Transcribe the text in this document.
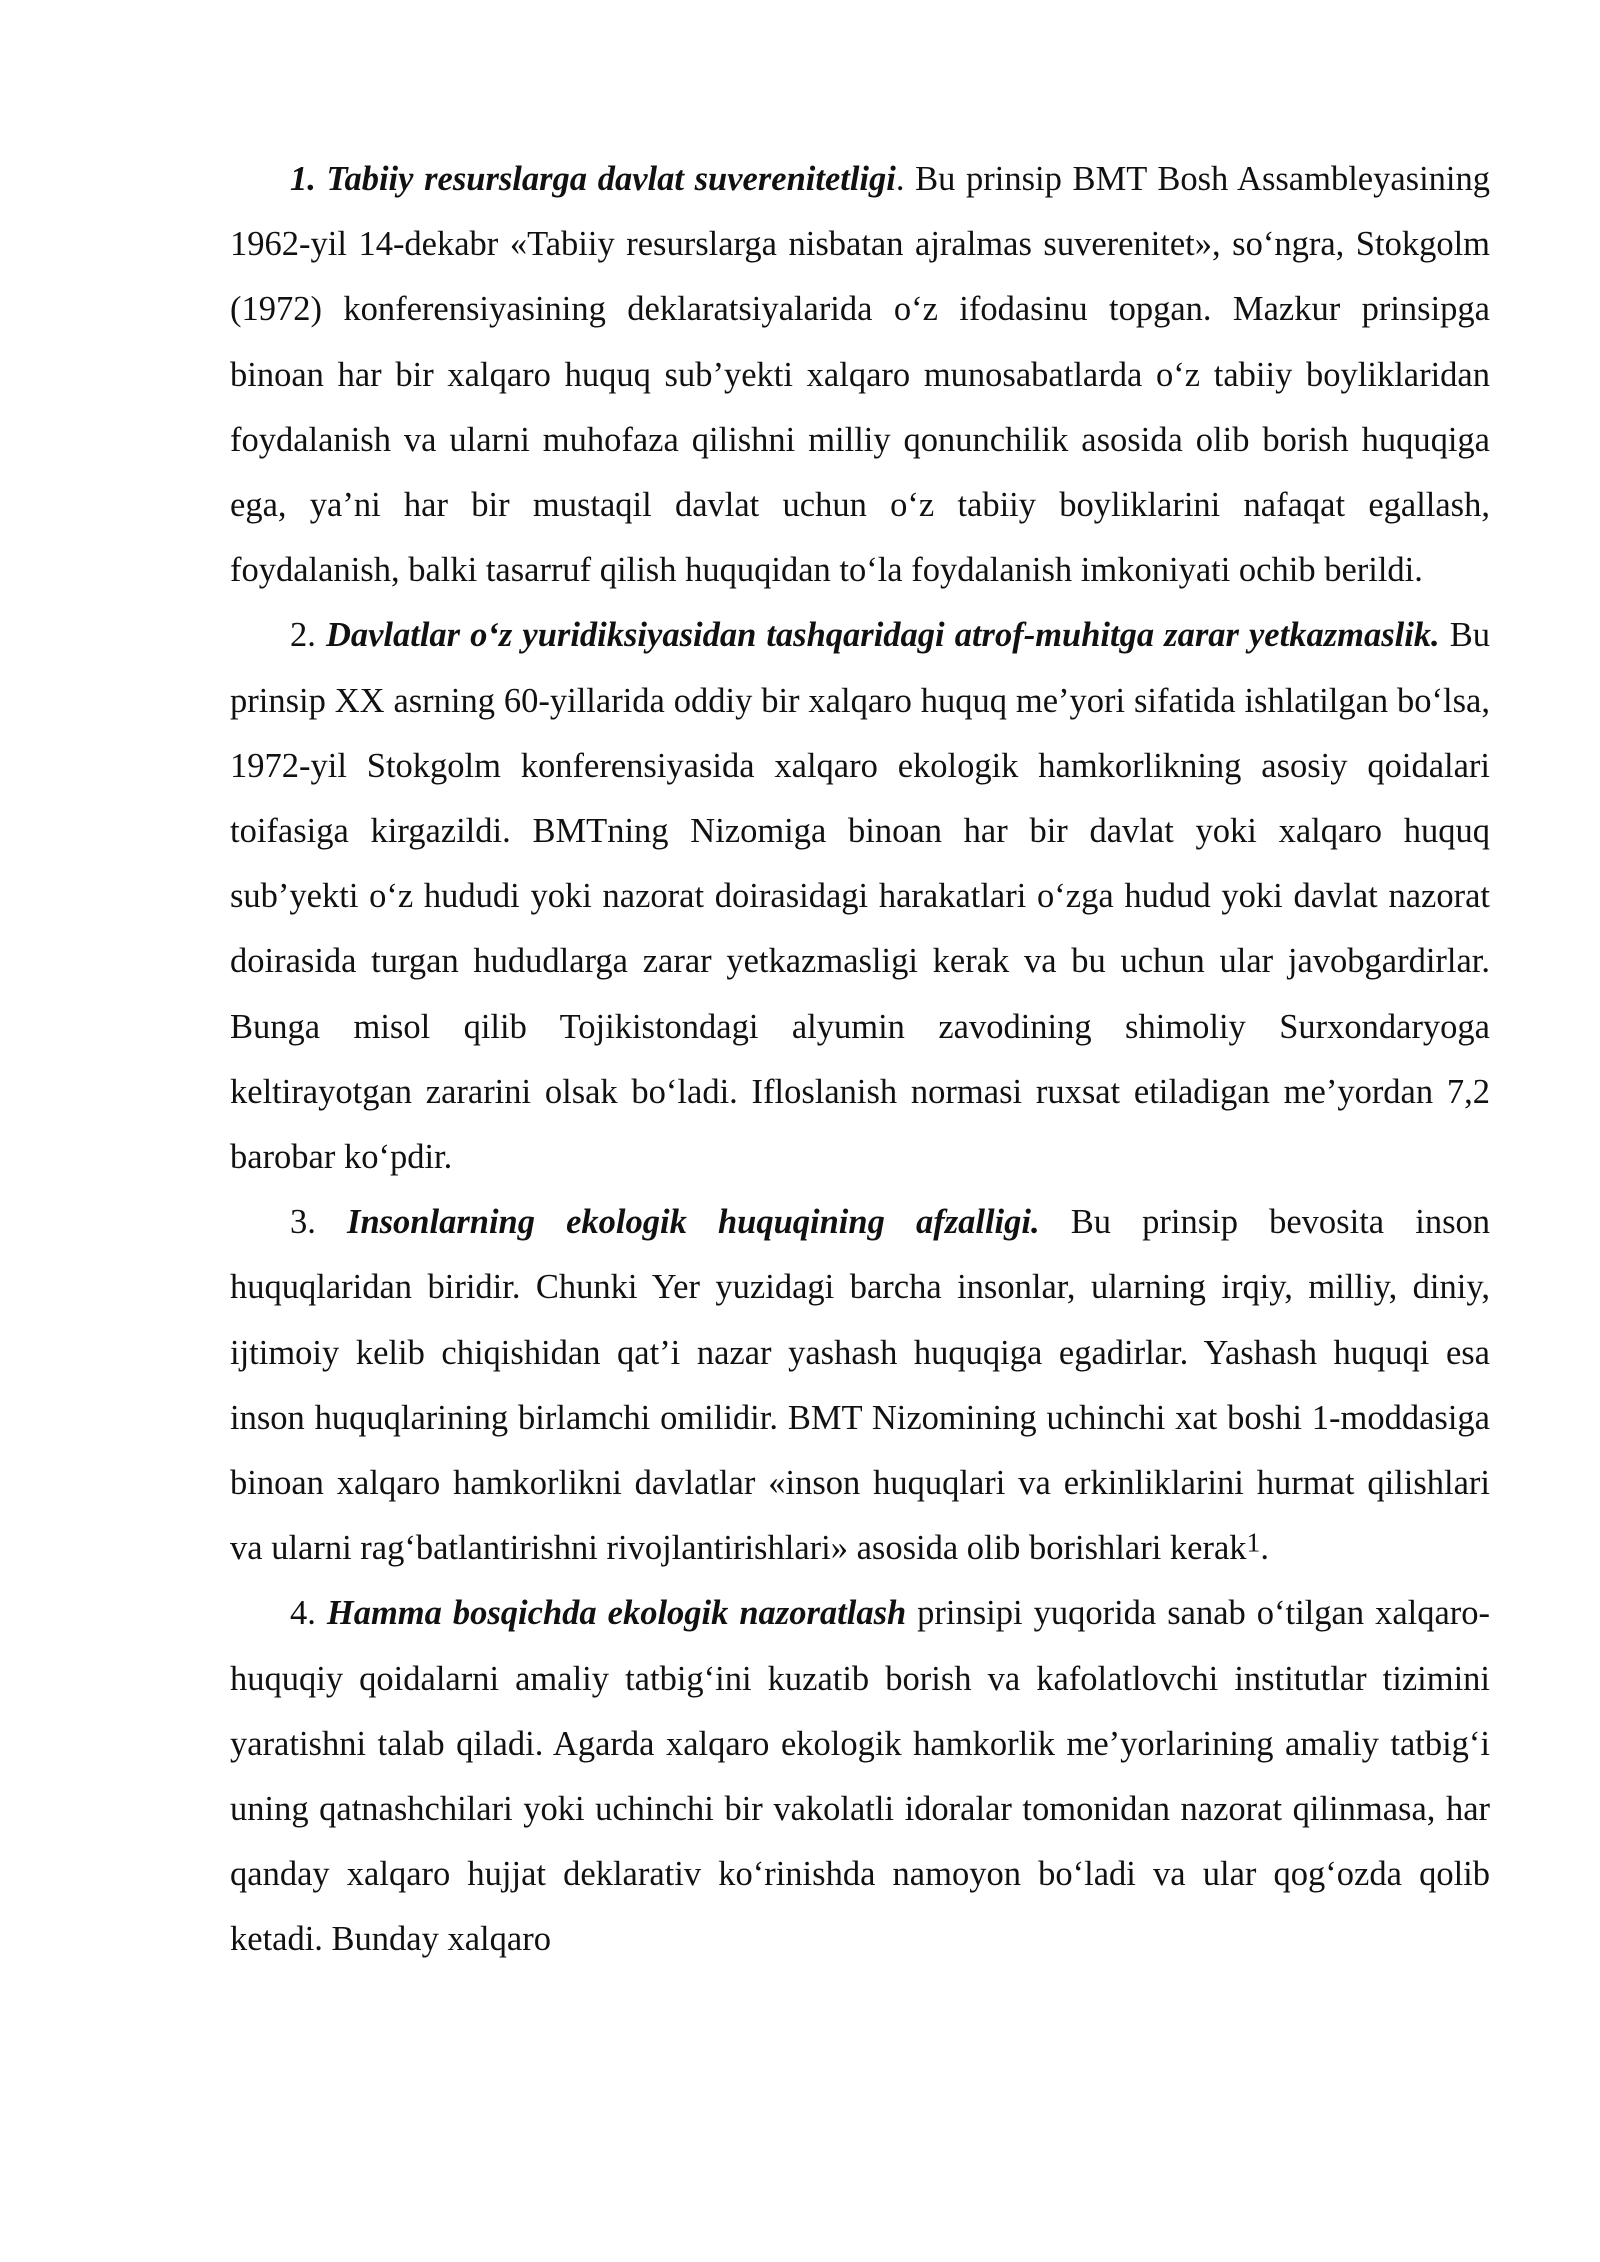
1. Tabiiy resurslarga davlat suverenitetligi. Bu prinsip BMT Bosh Assambleyasining 1962-yil 14-dekabr «Tabiiy resurslarga nisbatan ajralmas suverenitet», so‘ngra, Stokgolm (1972) konferensiyasining deklaratsiyalarida o‘z ifodasinu topgan. Mazkur prinsipga binoan har bir xalqaro huquq sub’yekti xalqaro munosabatlarda o‘z tabiiy boyliklaridan foydalanish va ularni muhofaza qilishni milliy qonunchilik asosida olib borish huquqiga ega, ya’ni har bir mustaqil davlat uchun o‘z tabiiy boyliklarini nafaqat egallash, foydalanish, balki tasarruf qilish huquqidan to‘la foydalanish imkoniyati ochib berildi.

2. Davlatlar o‘z yuridiksiyasidan tashqaridagi atrof-muhitga zarar yetkazmaslik. Bu prinsip XX asrning 60-yillarida oddiy bir xalqaro huquq me’yori sifatida ishlatilgan bo‘lsa, 1972-yil Stokgolm konferensiyasida xalqaro ekologik hamkorlikning asosiy qoidalari toifasiga kirgazildi. BMTning Nizomiga binoan har bir davlat yoki xalqaro huquq sub’yekti o‘z hududi yoki nazorat doirasidagi harakatlari o‘zga hudud yoki davlat nazorat doirasida turgan hududlarga zarar yetkazmasligi kerak va bu uchun ular javobgardirlar. Bunga misol qilib Tojikistondagi alyumin zavodining shimoliy Surxondaryoga keltirayotgan zararini olsak bo‘ladi. Ifloslanish normasi ruxsat etiladigan me’yordan 7,2 barobar ko‘pdir.

3. Insonlarning ekologik huquqining afzalligi. Bu prinsip bevosita inson huquqlaridan biridir. Chunki Yer yuzidagi barcha insonlar, ularning irqiy, milliy, diniy, ijtimoiy kelib chiqishidan qat’i nazar yashash huquqiga egadirlar. Yashash huquqi esa inson huquqlarining birlamchi omilidir. BMT Nizomining uchinchi xat boshi 1-moddasiga binoan xalqaro hamkorlikni davlatlar «inson huquqlari va erkinliklarini hurmat qilishlari va ularni rag‘batlantirishni rivojlantirishlari» asosida olib borishlari kerak$^1$.

4. Hamma bosqichda ekologik nazoratlash prinsipi yuqorida sanab o‘tilgan xalqaro-huquqiy qoidalarni amaliy tatbig‘ini kuzatib borish va kafolatlovchi institutlar tizimini yaratishni talab qiladi. Agarda xalqaro ekologik hamkorlik me’yorlarining amaliy tatbig‘i uning qatnashchilari yoki uchinchi bir vakolatli idoralar tomonidan nazorat qilinmasa, har qanday xalqaro hujjat deklarativ ko‘rinishda namoyon bo‘ladi va ular qog‘ozda qolib ketadi. Bunday xalqaro
